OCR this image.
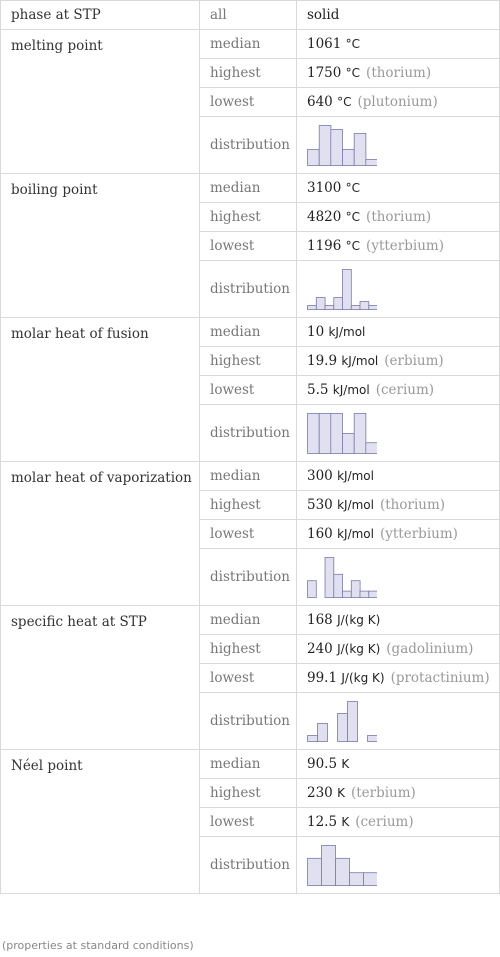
phase at STP	all	solid
melting point	median	1061 °C
	highest	1750 °C (thorium)
	lowest	640 °C (plutonium)
	distribution	

boiling point	median	3100 °C
	highest	4820 °C (thorium)
	lowest	1196 °C (ytterbium)
	distribution	

molar heat of fusion	median	10 kJ/mol
	highest	19.9 kJ/mol (erbium)
	lowest	5.5 kJ/mol (cerium)
	distribution	

molar heat of vaporization	median	300 kJ/mol
	highest	530 kJ/mol (thorium)
	lowest	160 kJ/mol (ytterbium)
	distribution	

specific heat at STP	median	168 J/(kg K)
	highest	240 J/(kg K) (gadolinium)
	lowest	99.1 J/(kg K) (protactinium)
	distribution	

Néel point	median	90.5 K
	highest	230 K (terbium)
	lowest	12.5 K (cerium)
	distribution	
(properties at standard conditions)
